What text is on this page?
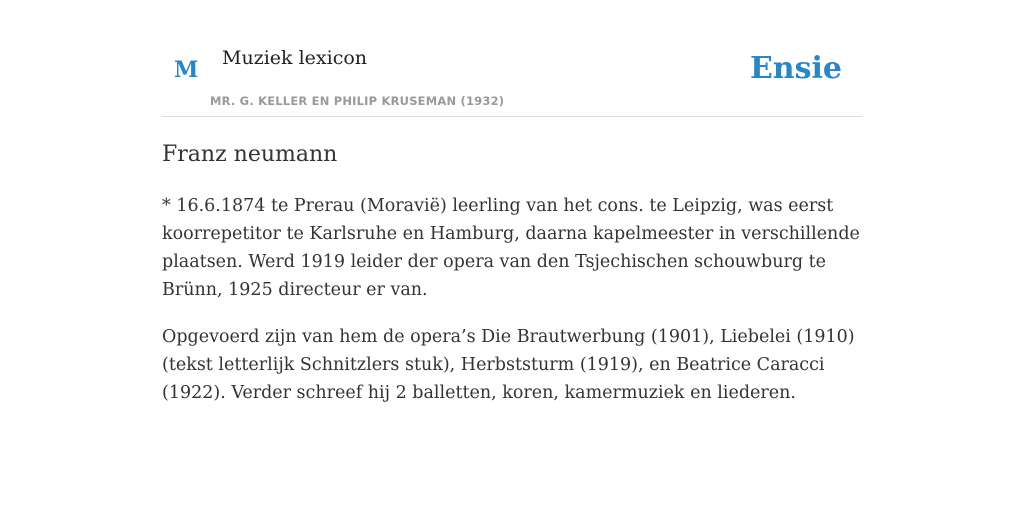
M Muziek lexicon
MR. G. KELLER EN PHILIP KRUSEMAN (1932)
Ensie
Franz neumann

* 16.6.1874 te Prerau (Moravië) leerling van het cons. te Leipzig, was eerst koorrepetitor te Karlsruhe en Hamburg, daarna kapelmeester in verschillende plaatsen. Werd 1919 leider der opera van den Tsjechischen schouwburg te Brünn, 1925 directeur er van.

Opgevoerd zijn van hem de opera’s Die Brautwerbung (1901), Liebelei (1910) (tekst letterlijk Schnitzlers stuk), Herbststurm (1919), en Beatrice Caracci (1922). Verder schreef hij 2 balletten, koren, kamermuziek en liederen.
